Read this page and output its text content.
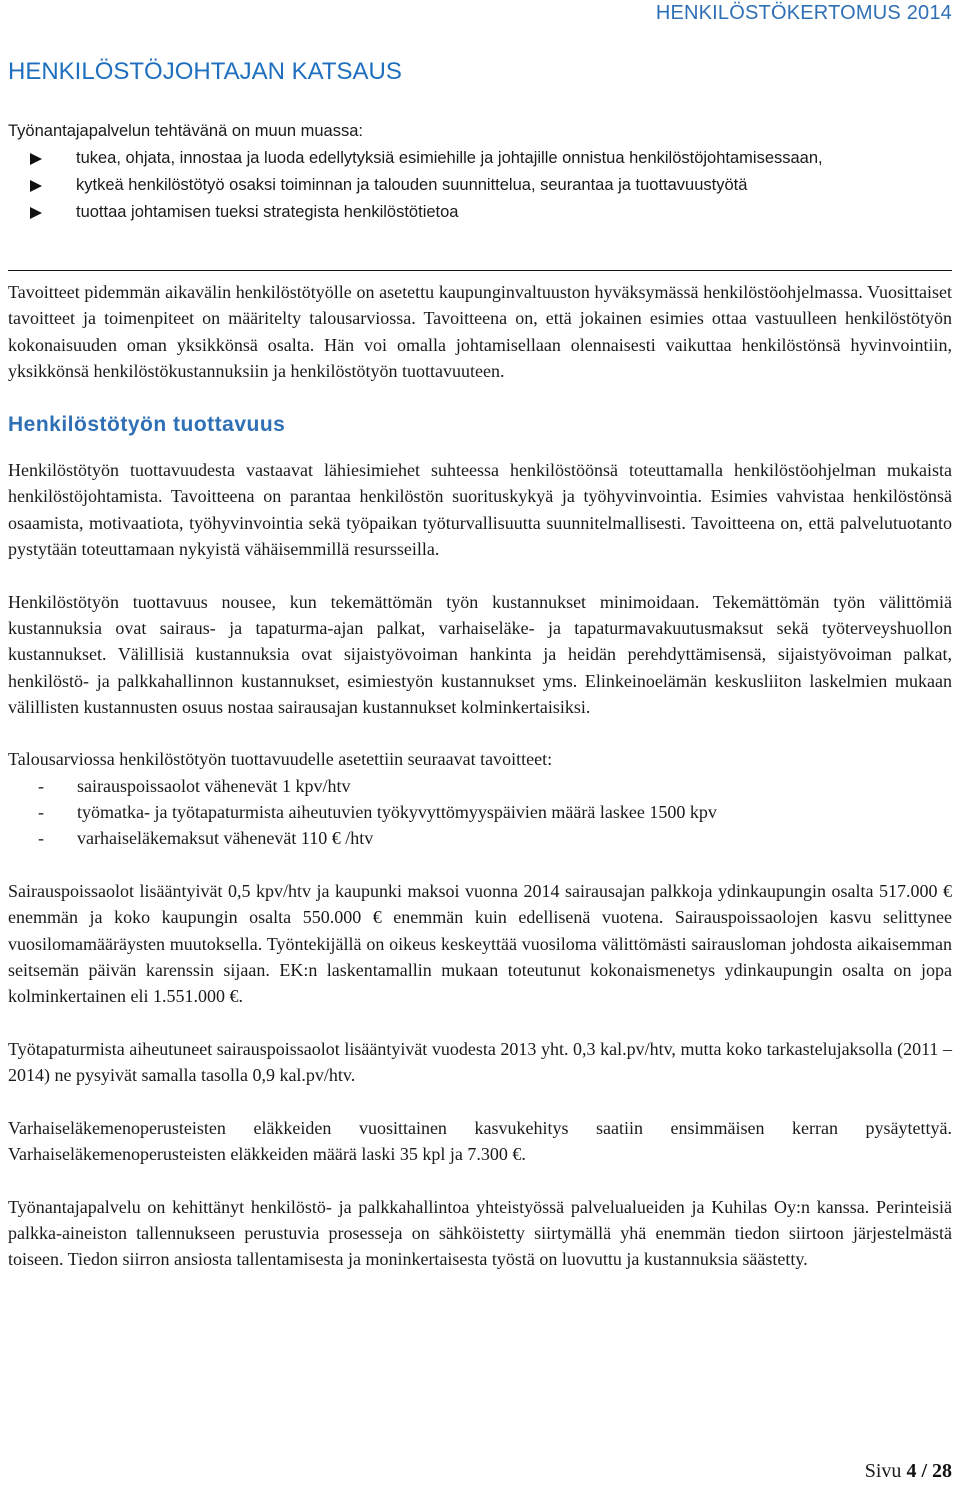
HENKILÖSTÖKERTOMUS 2014
HENKILÖSTÖJOHTAJAN KATSAUS
Työnantajapalvelun tehtävänä on muun muassa:
tukea, ohjata, innostaa ja luoda edellytyksiä esimiehille ja johtajille onnistua henkilöstöjohtamisessaan,
kytkeä henkilöstötyö osaksi toiminnan ja talouden suunnittelua, seurantaa ja tuottavuustyötä
tuottaa johtamisen tueksi strategista henkilöstötietoa

Tavoitteet pidemmän aikavälin henkilöstötyölle on asetettu kaupunginvaltuuston hyväksymässä henkilöstöohjelmassa. Vuosittaiset tavoitteet ja toimenpiteet on määritelty talousarviossa. Tavoitteena on, että jokainen esimies ottaa vastuulleen henkilöstötyön kokonaisuuden oman yksikkönsä osalta. Hän voi omalla johtamisellaan olennaisesti vaikuttaa henkilöstönsä hyvinvointiin, yksikkönsä henkilöstökustannuksiin ja henkilöstötyön tuottavuuteen.

Henkilöstötyön tuottavuus

Henkilöstötyön tuottavuudesta vastaavat lähiesimiehet suhteessa henkilöstöönsä toteuttamalla henkilöstöohjelman mukaista henkilöstöjohtamista. Tavoitteena on parantaa henkilöstön suorituskykyä ja työhyvinvointia. Esimies vahvistaa henkilöstönsä osaamista, motivaatiota, työhyvinvointia sekä työpaikan työturvallisuutta suunnitelmallisesti. Tavoitteena on, että palvelutuotanto pystytään toteuttamaan nykyistä vähäisemmillä resursseilla.

Henkilöstötyön tuottavuus nousee, kun tekemättömän työn kustannukset minimoidaan. Tekemättömän työn välittömiä kustannuksia ovat sairaus- ja tapaturma-ajan palkat, varhaiseläke- ja tapaturmavakuutusmaksut sekä työterveyshuollon kustannukset. Välillisiä kustannuksia ovat sijaistyövoiman hankinta ja heidän perehdyttämisensä, sijaistyövoiman palkat, henkilöstö- ja palkkahallinnon kustannukset, esimiestyön kustannukset yms. Elinkeinoelämän keskusliiton laskelmien mukaan välillisten kustannusten osuus nostaa sairausajan kustannukset kolminkertaisiksi.

Talousarviossa henkilöstötyön tuottavuudelle asetettiin seuraavat tavoitteet:

- sairauspoissaolot vähenevät 1 kpv/htv
- työmatka- ja työtapaturmista aiheutuvien työkyvyttömyyspäivien määrä laskee 1500 kpv
- varhaiseläkemaksut vähenevät 110 € /htv

Sairauspoissaolot lisääntyivät 0,5 kpv/htv ja kaupunki maksoi vuonna 2014 sairausajan palkkoja ydinkaupungin osalta 517.000 € enemmän ja koko kaupungin osalta 550.000 € enemmän kuin edellisenä vuotena. Sairauspoissaolojen kasvu selittynee vuosilomamääräysten muutoksella. Työntekijällä on oikeus keskeyttää vuosiloma välittömästi sairausloman johdosta aikaisemman seitsemän päivän karenssin sijaan. EK:n laskentamallin mukaan toteutunut kokonaismenetys ydinkaupungin osalta on jopa kolminkertainen eli 1.551.000 €.

Työtapaturmista aiheutuneet sairauspoissaolot lisääntyivät vuodesta 2013 yht. 0,3 kal.pv/htv, mutta koko tarkastelujaksolla (2011 – 2014) ne pysyivät samalla tasolla 0,9 kal.pv/htv.

Varhaiseläkemenoperusteisten eläkkeiden vuosittainen kasvukehitys saatiin ensimmäisen kerran pysäytettyä. Varhaiseläkemenoperusteisten eläkkeiden määrä laski 35 kpl ja 7.300 €.

Työnantajapalvelu on kehittänyt henkilöstö- ja palkkahallintoa yhteistyössä palvelualueiden ja Kuhilas Oy:n kanssa. Perinteisiä palkka-aineiston tallennukseen perustuvia prosesseja on sähköistetty siirtymällä yhä enemmän tiedon siirtoon järjestelmästä toiseen. Tiedon siirron ansiosta tallentamisesta ja moninkertaisesta työstä on luovuttu ja kustannuksia säästetty.

Sivu 4 / 28
